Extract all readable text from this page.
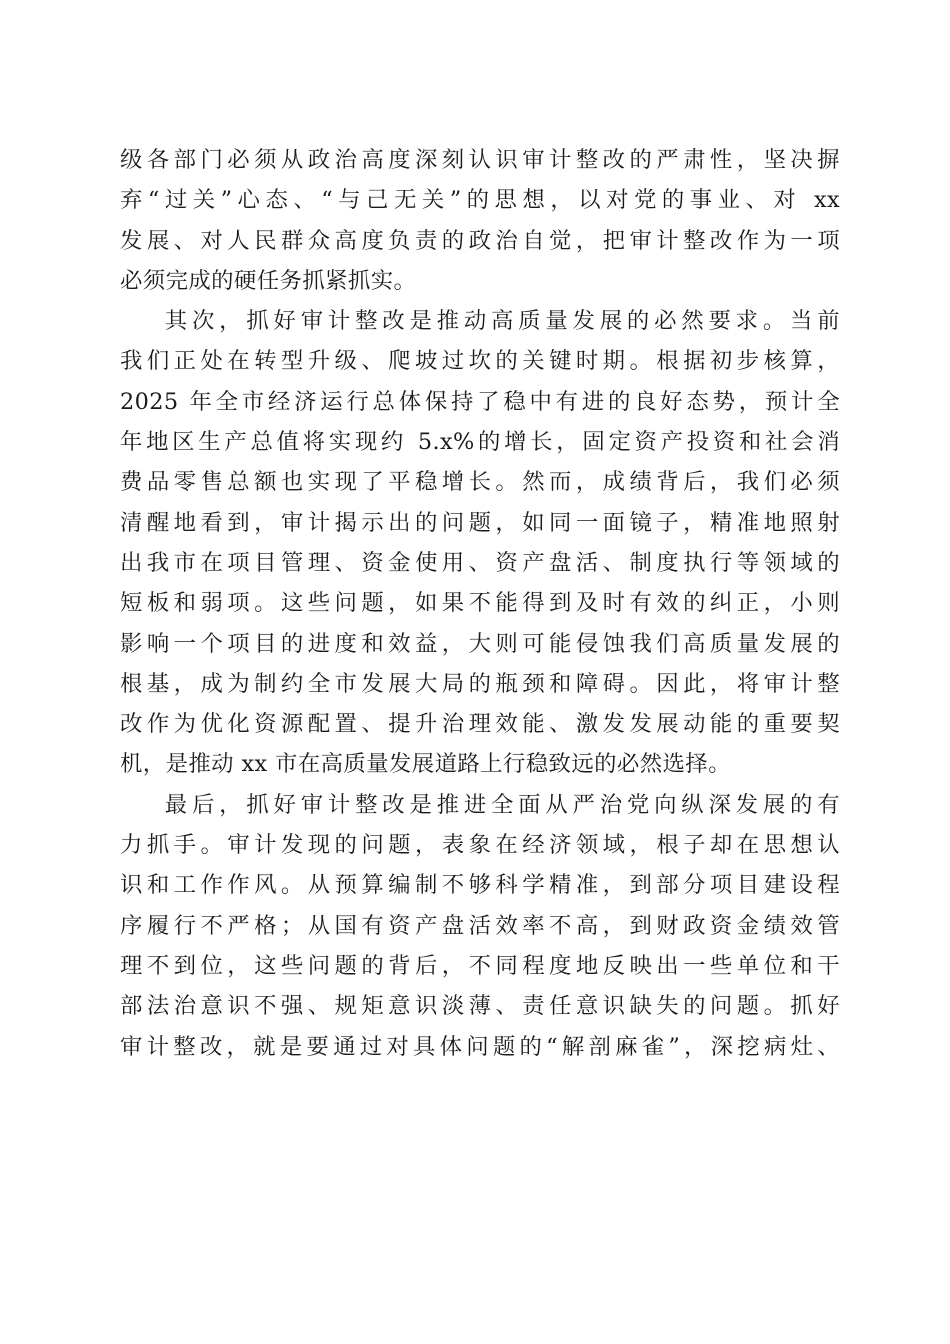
级各部门必须从政治高度深刻认识审计整改的严肃性，坚决摒
弃“过关”心态、“与己无关”的思想，以对党的事业、对 xx
发展、对人民群众高度负责的政治自觉，把审计整改作为一项
必须完成的硬任务抓紧抓实。
其次，抓好审计整改是推动高质量发展的必然要求。当前
我们正处在转型升级、爬坡过坎的关键时期。根据初步核算，
2025 年全市经济运行总体保持了稳中有进的良好态势，预计全
年地区生产总值将实现约 5.x%的增长，固定资产投资和社会消
费品零售总额也实现了平稳增长。然而，成绩背后，我们必须
清醒地看到，审计揭示出的问题，如同一面镜子，精准地照射
出我市在项目管理、资金使用、资产盘活、制度执行等领域的
短板和弱项。这些问题，如果不能得到及时有效的纠正，小则
影响一个项目的进度和效益，大则可能侵蚀我们高质量发展的
根基，成为制约全市发展大局的瓶颈和障碍。因此，将审计整
改作为优化资源配置、提升治理效能、激发发展动能的重要契
机，是推动 xx 市在高质量发展道路上行稳致远的必然选择。
最后，抓好审计整改是推进全面从严治党向纵深发展的有
力抓手。审计发现的问题，表象在经济领域，根子却在思想认
识和工作作风。从预算编制不够科学精准，到部分项目建设程
序履行不严格；从国有资产盘活效率不高，到财政资金绩效管
理不到位，这些问题的背后，不同程度地反映出一些单位和干
部法治意识不强、规矩意识淡薄、责任意识缺失的问题。抓好
审计整改，就是要通过对具体问题的“解剖麻雀”，深挖病灶、
